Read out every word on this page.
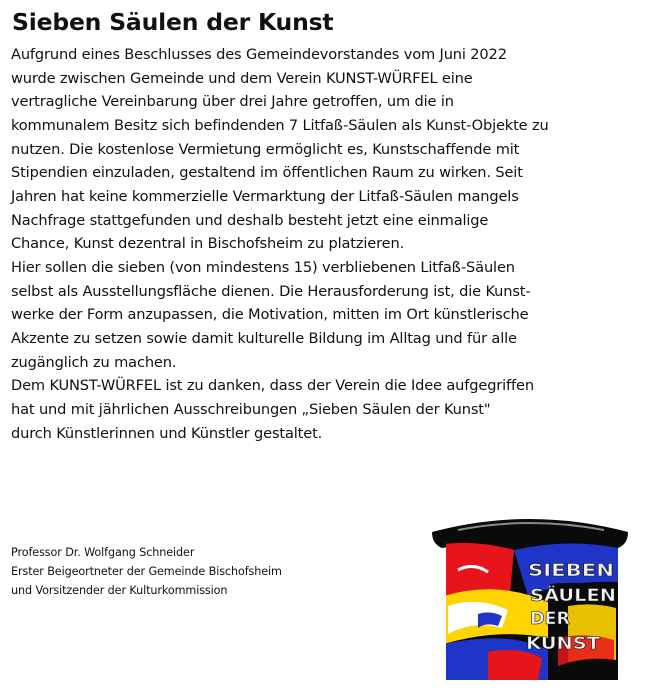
Sieben Säulen der Kunst
Aufgrund eines Beschlusses des Gemeindevorstandes vom Juni 2022
wurde zwischen Gemeinde und dem Verein KUNST-WÜRFEL eine
vertragliche Vereinbarung über drei Jahre getroffen, um die in
kommunalem Besitz sich befindenden 7 Litfaß-Säulen als Kunst-Objekte zu
nutzen. Die kostenlose Vermietung ermöglicht es, Kunstschaffende mit
Stipendien einzuladen, gestaltend im öffentlichen Raum zu wirken. Seit
Jahren hat keine kommerzielle Vermarktung der Litfaß-Säulen mangels
Nachfrage stattgefunden und deshalb besteht jetzt eine einmalige
Chance, Kunst dezentral in Bischofsheim zu platzieren.
Hier sollen die sieben (von mindestens 15) verbliebenen Litfaß-Säulen
selbst als Ausstellungsfläche dienen. Die Herausforderung ist, die Kunst-
werke der Form anzupassen, die Motivation, mitten im Ort künstlerische
Akzente zu setzen sowie damit kulturelle Bildung im Alltag und für alle
zugänglich zu machen.
Dem KUNST-WÜRFEL ist zu danken, dass der Verein die Idee aufgegriffen
hat und mit jährlichen Ausschreibungen „Sieben Säulen der Kunst"
durch Künstlerinnen und Künstler gestaltet.
Professor Dr. Wolfgang Schneider
Erster Beigeortneter der Gemeinde Bischofsheim
und Vorsitzender der Kulturkommission
SIEBEN
SÄULEN
DER
KUNST
